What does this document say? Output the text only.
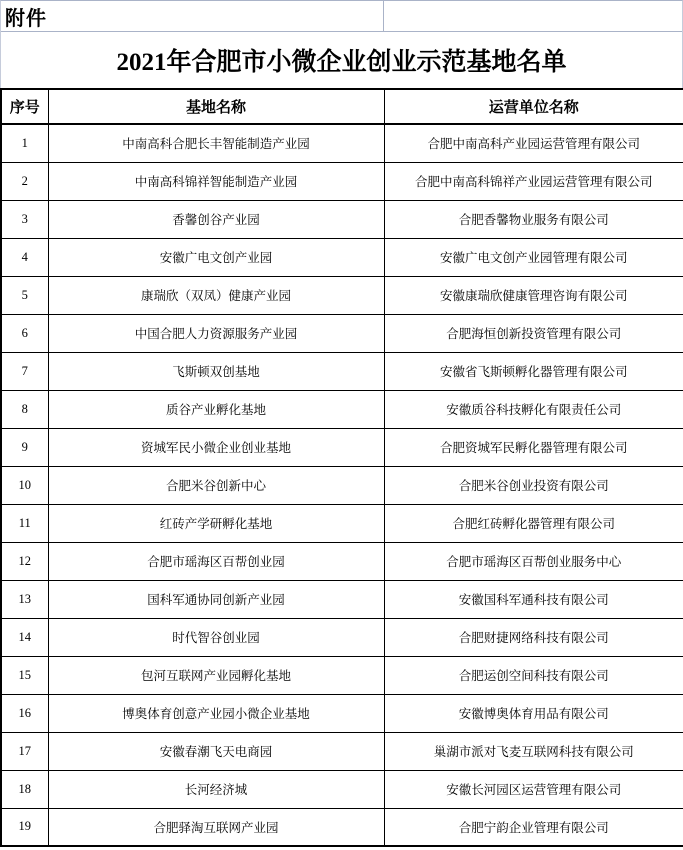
附件
2021年合肥市小微企业创业示范基地名单
序号	基地名称	运营单位名称
1	中南高科合肥长丰智能制造产业园	合肥中南高科产业园运营管理有限公司
2	中南高科锦祥智能制造产业园	合肥中南高科锦祥产业园运营管理有限公司
3	香馨创谷产业园	合肥香馨物业服务有限公司
4	安徽广电文创产业园	安徽广电文创产业园管理有限公司
5	康瑞欣（双凤）健康产业园	安徽康瑞欣健康管理咨询有限公司
6	中国合肥人力资源服务产业园	合肥海恒创新投资管理有限公司
7	飞斯顿双创基地	安徽省飞斯顿孵化器管理有限公司
8	质谷产业孵化基地	安徽质谷科技孵化有限责任公司
9	资城军民小微企业创业基地	合肥资城军民孵化器管理有限公司
10	合肥米谷创新中心	合肥米谷创业投资有限公司
11	红砖产学研孵化基地	合肥红砖孵化器管理有限公司
12	合肥市瑶海区百帮创业园	合肥市瑶海区百帮创业服务中心
13	国科军通协同创新产业园	安徽国科军通科技有限公司
14	时代智谷创业园	合肥财捷网络科技有限公司
15	包河互联网产业园孵化基地	合肥运创空间科技有限公司
16	博奥体育创意产业园小微企业基地	安徽博奥体育用品有限公司
17	安徽春潮飞天电商园	巢湖市派对飞麦互联网科技有限公司
18	长河经济城	安徽长河园区运营管理有限公司
19	合肥驿淘互联网产业园	合肥宁韵企业管理有限公司
